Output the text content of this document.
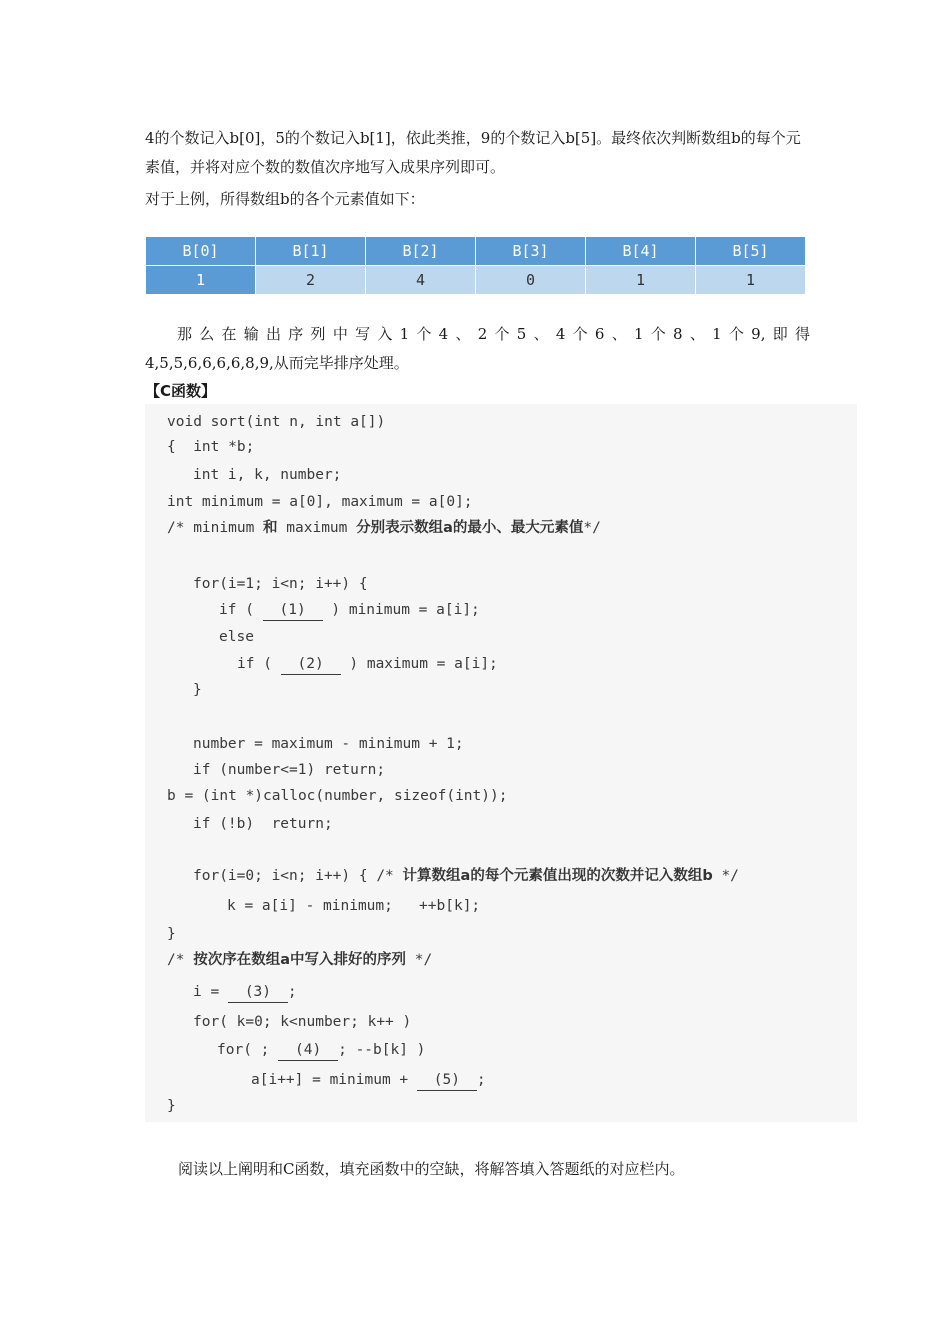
4的个数记入b[0]，5的个数记入b[1]，依此类推，9的个数记入b[5]。最终依次判断数组b的每个元素值，并将对应个数的数值次序地写入成果序列即可。

对于上例，所得数组b的各个元素值如下：

B[0]	B[1]	B[2]	B[3]	B[4]	B[5]
1	2	4	0	1	1

那么在输出序列中写入1个4、2个5、4个6、1个8、1个9,即得
4,5,5,6,6,6,6,8,9,从而完毕排序处理。

【C函数】
void sort(int n, int a[])
{  int *b;
int i, k, number;
int minimum = a[0], maximum = a[0];
/* minimum 和 maximum 分别表示数组a的最小、最大元素值*/
for(i=1; i<n; i++) {
if ( (1) ) minimum = a[i];
else
if ( (2) ) maximum = a[i];
}
number = maximum - minimum + 1;
if (number<=1) return;
b = (int *)calloc(number, sizeof(int));
if (!b)  return;
for(i=0; i<n; i++) { /* 计算数组a的每个元素值出现的次数并记入数组b */
k = a[i] - minimum;   ++b[k];
}
/* 按次序在数组a中写入排好的序列 */
i = (3) ;
for( k=0; k<number; k++ )
for( ; (4) ; --b[k] )
a[i++] = minimum + (5) ;
}
阅读以上阐明和C函数，填充函数中的空缺，将解答填入答题纸的对应栏内。
